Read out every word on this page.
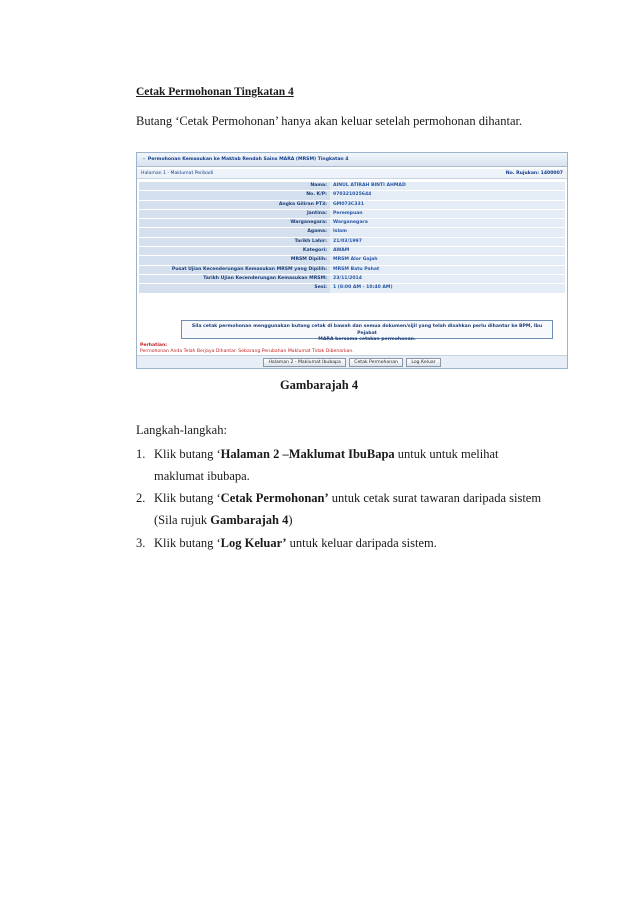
Cetak Permohonan Tingkatan 4
Butang ‘Cetak Permohonan’ hanya akan keluar setelah permohonan dihantar.
- Permohonan Kemasukan ke Maktab Rendah Sains MARA (MRSM) Tingkatan 4
Halaman 1 - Maklumat Peribadi	No. Rujukan: 1400007
Nama:	AINUL ATIRAH BINTI AHMAD
No. K/P:	970321025644
Angka Giliran PT3:	GM073C331
Jantina:	Perempuan
Warganegara:	Warganegara
Agama:	Islam
Tarikh Lahir:	21/03/1997
Kategori:	AWAM
MRSM Dipilih:	MRSM Alor Gajah
Pusat Ujian Kecenderungan Kemasukan MRSM yang Dipilih:	MRSM Batu Pahat
Tarikh Ujian Kecenderungan Kemasukan MRSM:	23/11/2014
Sesi:	1 (8:00 AM - 10:40 AM)
Sila cetak permohonan menggunakan butang cetak di bawah dan semua dokumen/sijil yang telah disahkan perlu dihantar ke BPM, Ibu Pejabat
MARA bersama cetakan permohonan.
Perhatian:
Permohonan Anda Telah Berjaya Dihantar. Sebarang Perubahan Maklumat Tidak Dibenarkan.
Halaman 2 - Maklumat Ibubapa	Cetak Permohonan	Log Keluar
Gambarajah 4
Langkah-langkah:
1. Klik butang ‘Halaman 2 –Maklumat IbuBapa untuk untuk melihat
maklumat ibubapa.
2. Klik butang ‘Cetak Permohonan’ untuk cetak surat tawaran daripada sistem
(Sila rujuk Gambarajah 4)
3. Klik butang ‘Log Keluar’ untuk keluar daripada sistem.
